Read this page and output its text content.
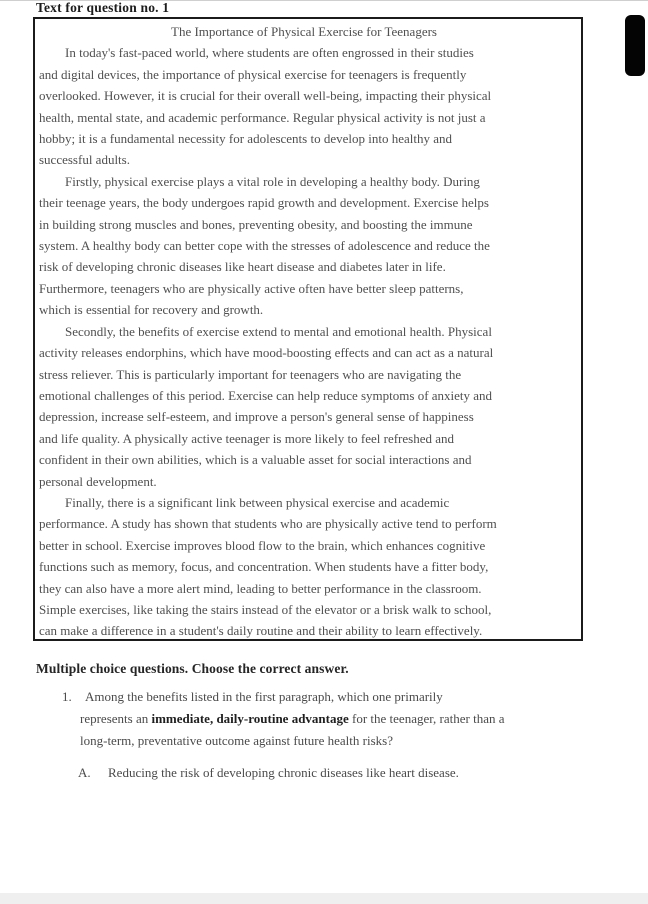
Text for question no. 1
The Importance of Physical Exercise for Teenagers
In today's fast-paced world, where students are often engrossed in their studies
and digital devices, the importance of physical exercise for teenagers is frequently
overlooked. However, it is crucial for their overall well-being, impacting their physical
health, mental state, and academic performance. Regular physical activity is not just a
hobby; it is a fundamental necessity for adolescents to develop into healthy and
successful adults.
Firstly, physical exercise plays a vital role in developing a healthy body. During
their teenage years, the body undergoes rapid growth and development. Exercise helps
in building strong muscles and bones, preventing obesity, and boosting the immune
system. A healthy body can better cope with the stresses of adolescence and reduce the
risk of developing chronic diseases like heart disease and diabetes later in life.
Furthermore, teenagers who are physically active often have better sleep patterns,
which is essential for recovery and growth.
Secondly, the benefits of exercise extend to mental and emotional health. Physical
activity releases endorphins, which have mood-boosting effects and can act as a natural
stress reliever. This is particularly important for teenagers who are navigating the
emotional challenges of this period. Exercise can help reduce symptoms of anxiety and
depression, increase self-esteem, and improve a person's general sense of happiness
and life quality. A physically active teenager is more likely to feel refreshed and
confident in their own abilities, which is a valuable asset for social interactions and
personal development.
Finally, there is a significant link between physical exercise and academic
performance. A study has shown that students who are physically active tend to perform
better in school. Exercise improves blood flow to the brain, which enhances cognitive
functions such as memory, focus, and concentration. When students have a fitter body,
they can also have a more alert mind, leading to better performance in the classroom.
Simple exercises, like taking the stairs instead of the elevator or a brisk walk to school,
can make a difference in a student's daily routine and their ability to learn effectively.
Multiple choice questions. Choose the correct answer.
1.	Among the benefits listed in the first paragraph, which one primarily
represents an immediate, daily-routine advantage for the teenager, rather than a
long-term, preventative outcome against future health risks?
A.	Reducing the risk of developing chronic diseases like heart disease.
